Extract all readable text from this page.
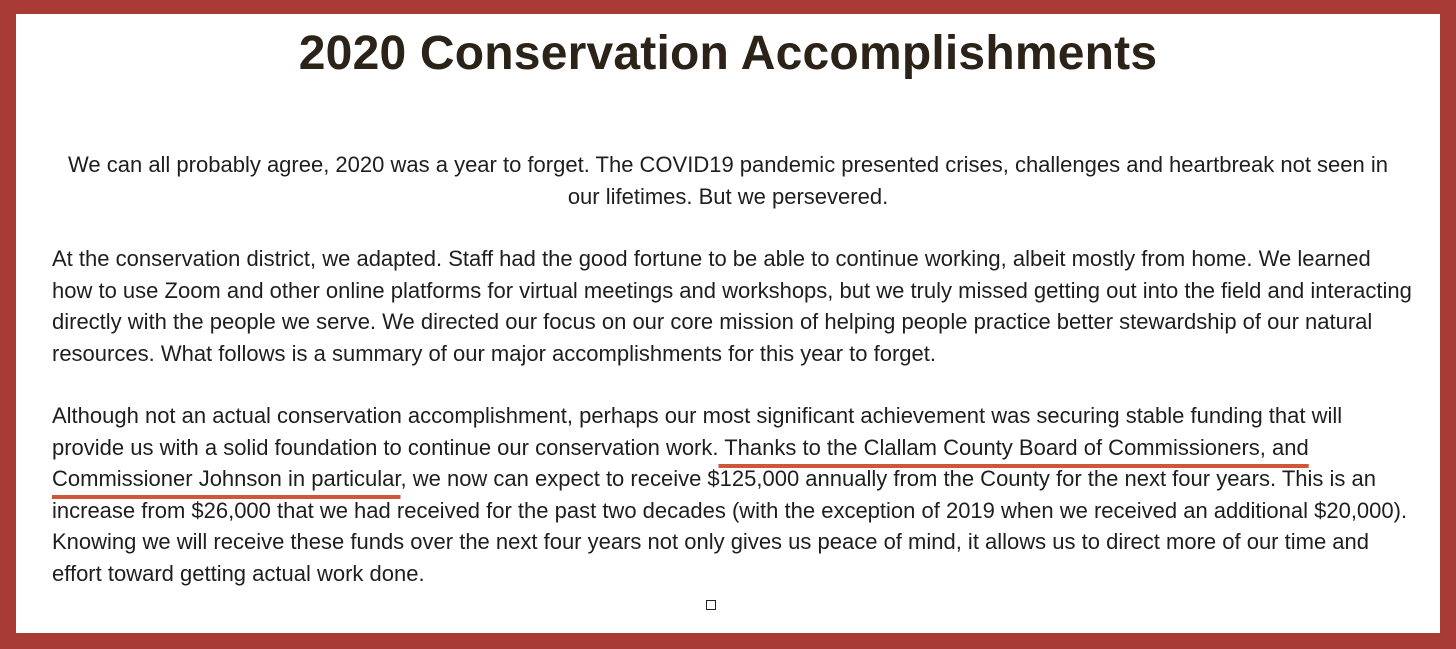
2020 Conservation Accomplishments

We can all probably agree, 2020 was a year to forget. The COVID19 pandemic presented crises, challenges and heartbreak not seen in our lifetimes. But we persevered.

At the conservation district, we adapted. Staff had the good fortune to be able to continue working, albeit mostly from home. We learned how to use Zoom and other online platforms for virtual meetings and workshops, but we truly missed getting out into the field and interacting directly with the people we serve. We directed our focus on our core mission of helping people practice better stewardship of our natural resources. What follows is a summary of our major accomplishments for this year to forget.

Although not an actual conservation accomplishment, perhaps our most significant achievement was securing stable funding that will provide us with a solid foundation to continue our conservation work. Thanks to the Clallam County Board of Commissioners, and Commissioner Johnson in particular, we now can expect to receive $125,000 annually from the County for the next four years. This is an increase from $26,000 that we had received for the past two decades (with the exception of 2019 when we received an additional $20,000). Knowing we will receive these funds over the next four years not only gives us peace of mind, it allows us to direct more of our time and effort toward getting actual work done.
